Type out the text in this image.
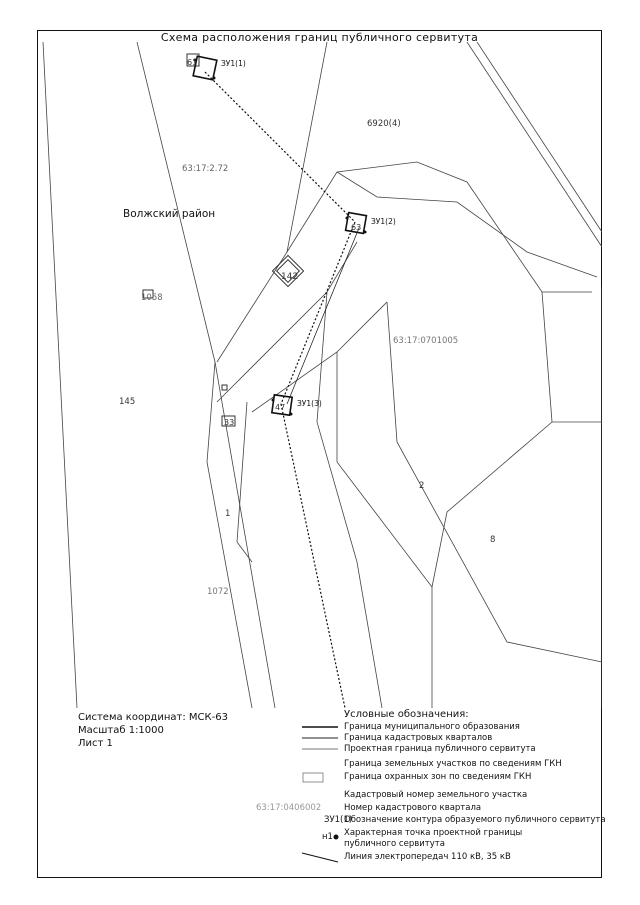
Схема расположения границ публичного сервитута
Волжский район
63:17:2.72
63:17:0701005
6920(4)
142
1058
145
1
1072
2
8
61
63
33
47
ЗУ1(1)
ЗУ1(2)
ЗУ1(3)
Система координат: МСК-63
Масштаб 1:1000
Лист 1
Условные обозначения:
Граница муниципального образования
Граница кадастровых кварталов
Проектная граница публичного сервитута
Граница земельных участков по сведениям ГКН
Граница охранных зон по сведениям ГКН
Кадастровый номер земельного участка
63:17:0406002	Номер кадастрового квартала
ЗУ1(1)
Обозначение контура образуемого публичного сервитута
н1 Характерная точка проектной границы
публичного сервитута
Линия электропередач 110 кВ, 35 кВ
